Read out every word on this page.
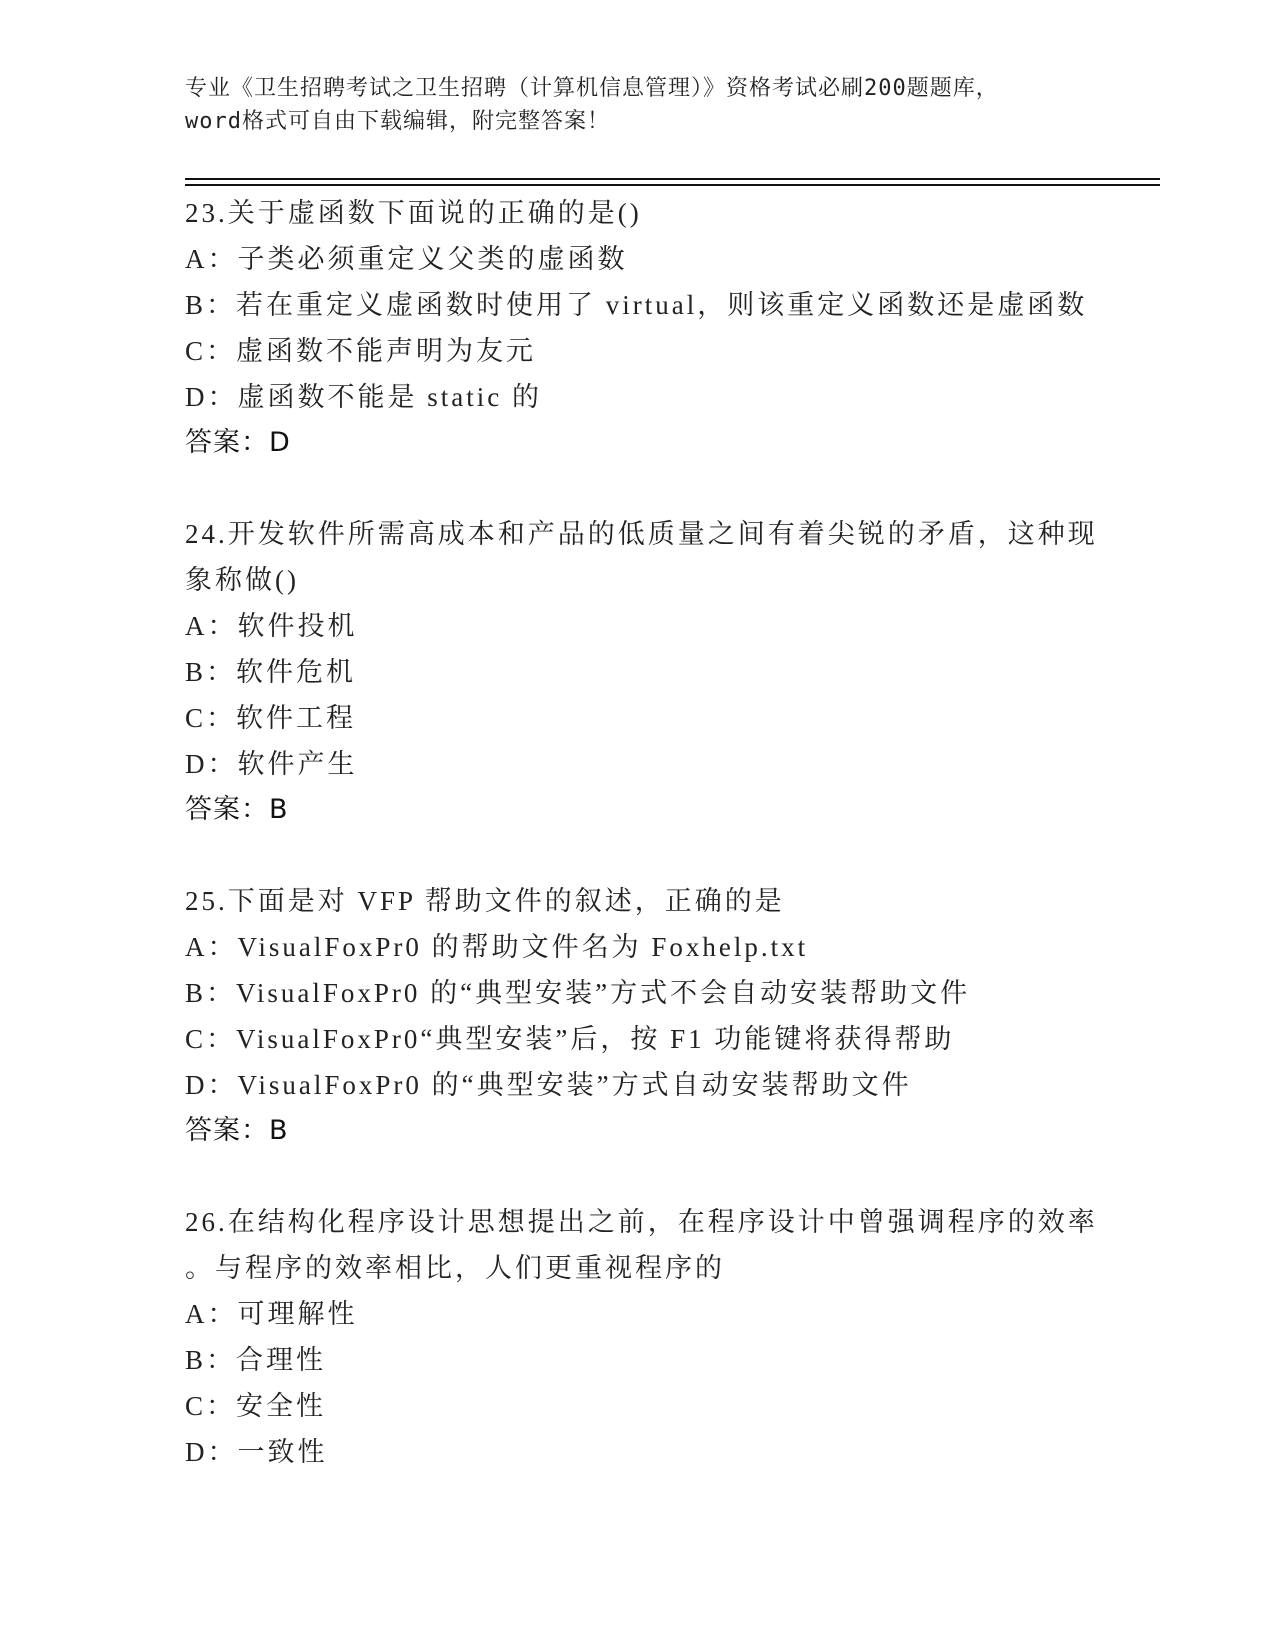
专业《卫生招聘考试之卫生招聘（计算机信息管理）》资格考试必刷200题题库，
word格式可自由下载编辑，附完整答案！
23.关于虚函数下面说的正确的是()
A：子类必须重定义父类的虚函数
B：若在重定义虚函数时使用了 virtual，则该重定义函数还是虚函数
C：虚函数不能声明为友元
D：虚函数不能是 static 的
答案：D
24.开发软件所需高成本和产品的低质量之间有着尖锐的矛盾，这种现
象称做()
A：软件投机
B：软件危机
C：软件工程
D：软件产生
答案：B
25.下面是对 VFP 帮助文件的叙述，正确的是
A：VisualFoxPr0 的帮助文件名为 Foxhelp.txt
B：VisualFoxPr0 的“典型安装”方式不会自动安装帮助文件
C：VisualFoxPr0“典型安装”后，按 F1 功能键将获得帮助
D：VisualFoxPr0 的“典型安装”方式自动安装帮助文件
答案：B
26.在结构化程序设计思想提出之前，在程序设计中曾强调程序的效率
。与程序的效率相比，人们更重视程序的
A：可理解性
B：合理性
C：安全性
D：一致性
